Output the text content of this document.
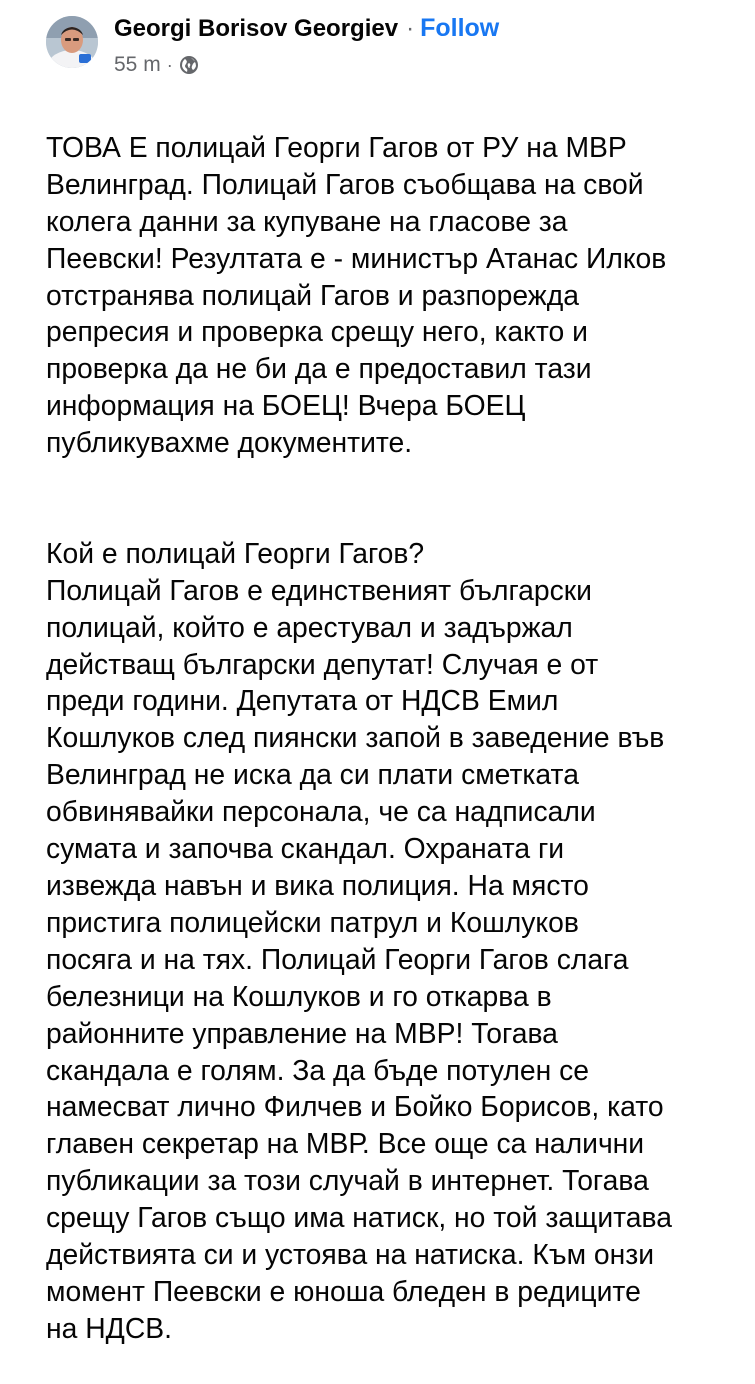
Georgi Borisov Georgiev · Follow
55 m ·

ТОВА Е полицай Георги Гагов от РУ на МВР
Велинград. Полицай Гагов съобщава на свой
колега данни за купуване на гласове за
Пеевски! Резултата е - министър Атанас Илков
отстранява полицай Гагов и разпорежда
репресия и проверка срещу него, както и
проверка да не би да е предоставил тази
информация на БОЕЦ! Вчера БОЕЦ
публикувахме документите.

Кой е полицай Георги Гагов?
Полицай Гагов е единственият български
полицай, който е арестувал и задържал
действащ български депутат! Случая е от
преди години. Депутата от НДСВ Емил
Кошлуков след пиянски запой в заведение във
Велинград не иска да си плати сметката
обвинявайки персонала, че са надписали
сумата и започва скандал. Охраната ги
извежда навън и вика полиция. На място
пристига полицейски патрул и Кошлуков
посяга и на тях. Полицай Георги Гагов слага
белезници на Кошлуков и го откарва в
районните управление на МВР! Тогава
скандала е голям. За да бъде потулен се
намесват лично Филчев и Бойко Борисов, като
главен секретар на МВР. Все още са налични
публикации за този случай в интернет. Тогава
срещу Гагов също има натиск, но той защитава
действията си и устоява на натиска. Към онзи
момент Пеевски е юноша бледен в редиците
на НДСВ.
